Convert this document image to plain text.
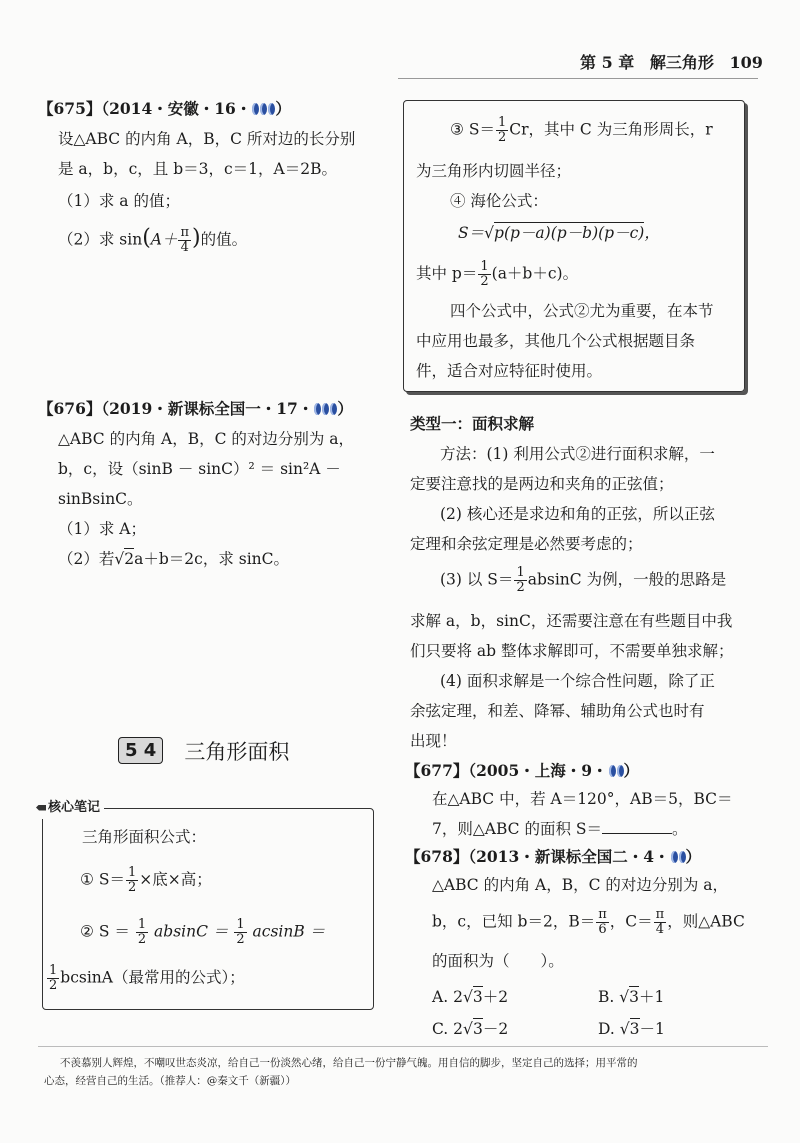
第 5 章 解三角形 109
【675】（2014・安徽・16・ ）
设△ABC 的内角 A，B，C 所对边的长分别
是 a，b，c，且 b＝3，c＝1，A＝2B。
（1）求 a 的值；
（2）求 $\sin(A+ \frac{\pi}{4}$ )的值。
【676】（2019・新课标全国一・17・ ）
△ABC 的内角 A，B，C 的对边分别为 a，
b，c，设（sinB － sinC）² ＝ sin²A －
sinBsinC。
（1）求 A；
（2）若√2a＋b＝2c，求 sinC。
5 4 三角形面积
核心笔记
三角形面积公式：
① $S= \frac{1}{2}$ ×底×高；
② $S = \frac{1}{2}$ $absinC = \frac{1}{2}$ acsinB ＝
$\frac{1}{2} bcsinA$（最常用的公式）；
③ $S= \frac{1}{2}$ Cr，其中 C 为三角形周长，r
为三角形内切圆半径；
④ 海伦公式：
S＝√p(p－a)(p－b)(p－c)，
其中 $p= \frac{1}{2} (a+b+c)$。
四个公式中，公式②尤为重要，在本节
中应用也最多，其他几个公式根据题目条
件，适合对应特征时使用。
类型一：面积求解
方法：(1) 利用公式②进行面积求解，一
定要注意找的是两边和夹角的正弦值；
(2) 核心还是求边和角的正弦，所以正弦
定理和余弦定理是必然要考虑的；
(3) 以 $S= \frac{1}{2}$ absinC 为例，一般的思路是
求解 a，b，sinC，还需要注意在有些题目中我
们只要将 ab 整体求解即可，不需要单独求解；
(4) 面积求解是一个综合性问题，除了正
余弦定理，和差、降幂、辅助角公式也时有
出现！
【677】（2005・上海・9・ ）
在△ABC 中，若 A＝120°，AB＝5，BC＝
7，则△ABC 的面积 S＝	。
【678】（2013・新课标全国二・4・ ）
△ABC 的内角 A，B，C 的对边分别为 a，
b，c，已知 b＝2，$B= \frac{\pi}{6}$ ，$C= \frac{\pi}{4}$ ，则△ABC
的面积为（　　）。
A. 2√3＋2	B. √3＋1
C. 2√3－2	D. √3－1
不羡慕别人辉煌，不嘲叹世态炎凉，给自己一份淡然心绪，给自己一份宁静气魄。用自信的脚步，坚定自己的选择；用平常的
心态，经营自己的生活。（推荐人：@秦文千（新疆））
